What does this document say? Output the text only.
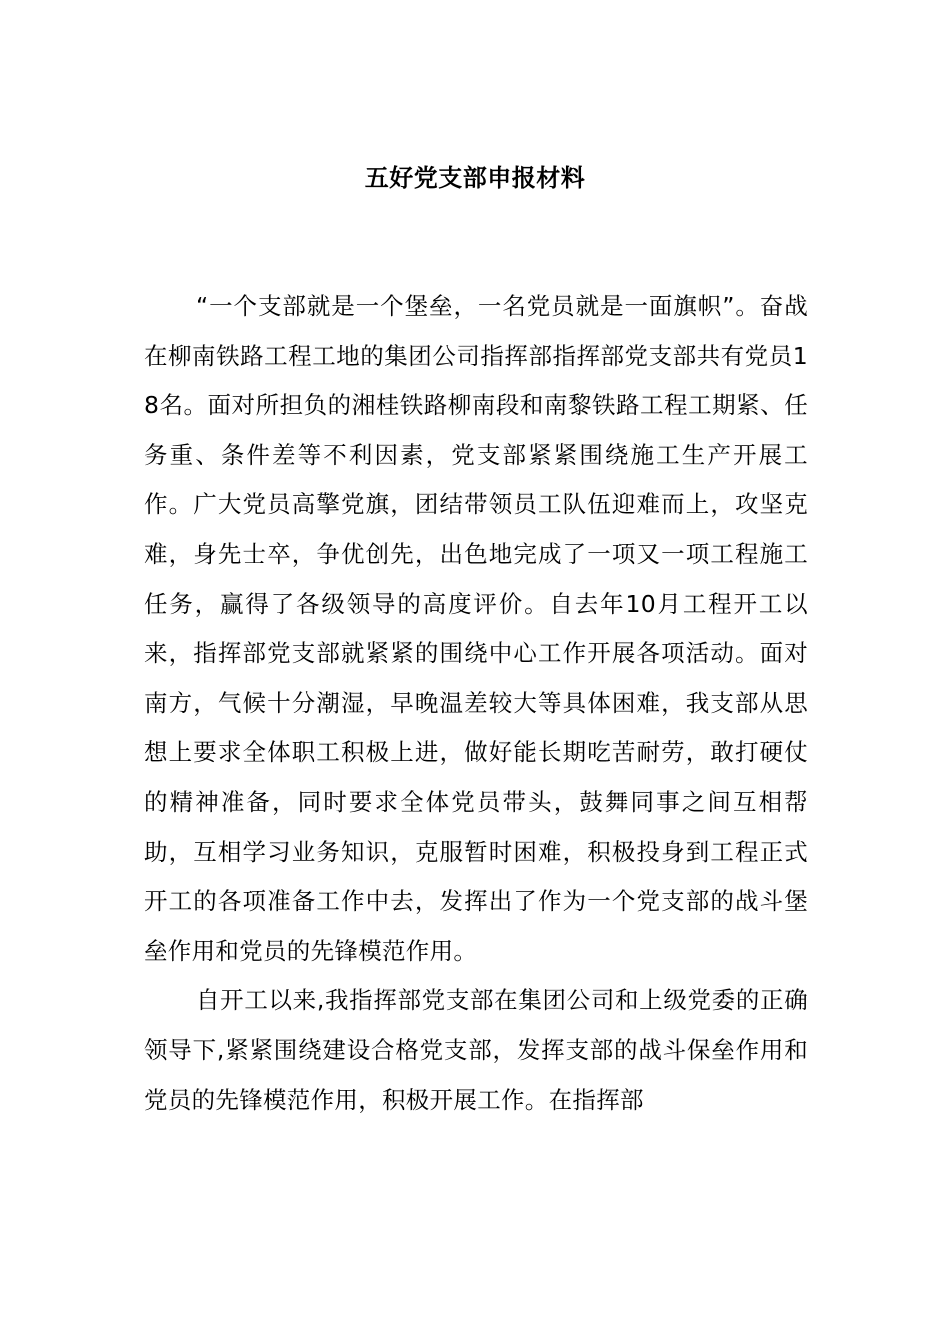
五好党支部申报材料

“一个支部就是一个堡垒，一名党员就是一面旗帜”。奋战在柳南铁路工程工地的集团公司指挥部指挥部党支部共有党员18名。面对所担负的湘桂铁路柳南段和南黎铁路工程工期紧、任务重、条件差等不利因素，党支部紧紧围绕施工生产开展工作。广大党员高擎党旗，团结带领员工队伍迎难而上，攻坚克难，身先士卒，争优创先，出色地完成了一项又一项工程施工任务，赢得了各级领导的高度评价。自去年10月工程开工以来，指挥部党支部就紧紧的围绕中心工作开展各项活动。面对南方，气候十分潮湿，早晚温差较大等具体困难，我支部从思想上要求全体职工积极上进，做好能长期吃苦耐劳，敢打硬仗的精神准备，同时要求全体党员带头，鼓舞同事之间互相帮助，互相学习业务知识，克服暂时困难，积极投身到工程正式开工的各项准备工作中去，发挥出了作为一个党支部的战斗堡垒作用和党员的先锋模范作用。

自开工以来,我指挥部党支部在集团公司和上级党委的正确领导下,紧紧围绕建设合格党支部，发挥支部的战斗保垒作用和党员的先锋模范作用，积极开展工作。在指挥部
